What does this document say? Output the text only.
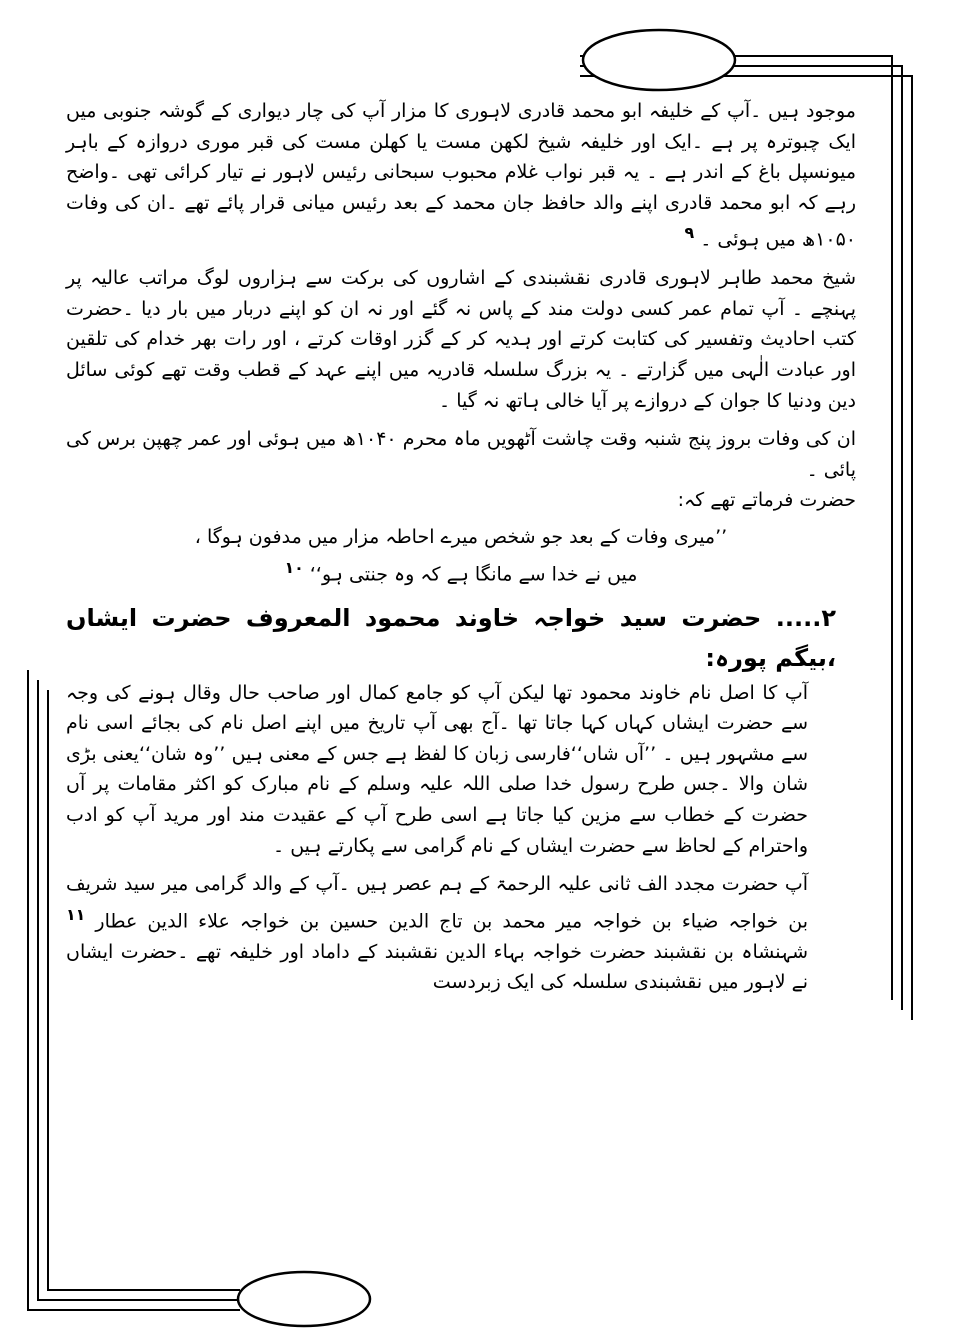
موجود ہیں ۔آپ کے خلیفہ ابو محمد قادری لاہوری کا مزار آپ کی چار دیواری کے گوشہ جنوبی میں ایک چبوترہ پر ہے ۔ایک اور خلیفہ شیخ لکھن مست یا کھلن مست کی قبر موری دروازہ کے باہر میونسپل باغ کے اندر ہے ۔ یہ قبر نواب غلام محبوب سبحانی رئیس لاہور نے تیار کرائی تھی ۔واضح رہے کہ ابو محمد قادری اپنے والد حافظ جان محمد کے بعد رئیس میانی قرار پائے تھے ۔ان کی وفات ۱۰۵۰ھ میں ہوئی ۔ $^۹$

شیخ محمد طاہر لاہوری قادری نقشبندی کے اشاروں کی برکت سے ہزاروں لوگ مراتب عالیہ پر پہنچے ۔ آپ تمام عمر کسی دولت مند کے پاس نہ گئے اور نہ ان کو اپنے دربار میں بار دیا ۔حضرت کتب احادیث وتفسیر کی کتابت کرتے اور ہدیہ کر کے گزر اوقات کرتے ، اور رات بھر خدام کی تلقین اور عبادت الٰہی میں گزارتے ۔ یہ بزرگ سلسلہ قادریہ میں اپنے عہد کے قطب وقت تھے کوئی سائل دین ودنیا کا جوان کے دروازے پر آیا خالی ہاتھ نہ گیا ۔

ان کی وفات بروز پنج شنبہ وقت چاشت آٹھویں ماہ محرم ۱۰۴۰ھ میں ہوئی اور عمر چھپن برس کی پائی ۔

حضرت فرماتے تھے کہ:

’’میری وفات کے بعد جو شخص میرے احاطہ مزار میں مدفون ہوگا ، میں نے خدا سے مانگا ہے کہ وہ جنتی ہو‘‘ $^{۱۰}$

۲..... حضرت سید خواجہ خاوند محمود المعروف حضرت ایشاں ،بیگم پورہ:

آپ کا اصل نام خاوند محمود تھا لیکن آپ کو جامع کمال اور صاحب حال وقال ہونے کی وجہ سے حضرت ایشاں کہاں کہا جاتا تھا ۔آج بھی آپ تاریخ میں اپنے اصل نام کی بجائے اسی نام سے مشہور ہیں ۔ ’’آں شاں‘‘فارسی زبان کا لفظ ہے جس کے معنی ہیں ’’وہ شان‘‘یعنی بڑی شان والا ۔جس طرح رسول خدا صلی اللہ علیہ وسلم کے نام مبارک کو اکثر مقامات پر آں حضرت کے خطاب سے مزین کیا جاتا ہے اسی طرح آپ کے عقیدت مند اور مرید آپ کو ادب واحترام کے لحاظ سے حضرت ایشاں کے نام گرامی سے پکارتے ہیں ۔

آپ حضرت مجدد الف ثانی علیہ الرحمۃ کے ہم عصر ہیں ۔آپ کے والد گرامی میر سید شریف بن خواجہ ضیاء بن خواجہ میر محمد بن تاج الدین حسین بن خواجہ علاء الدین عطار $^{۱۱}$ شہنشاہ بن نقشبند حضرت خواجہ بہاء الدین نقشبند کے داماد اور خلیفہ تھے ۔حضرت ایشاں نے لاہور میں نقشبندی سلسلہ کی ایک زبردست
